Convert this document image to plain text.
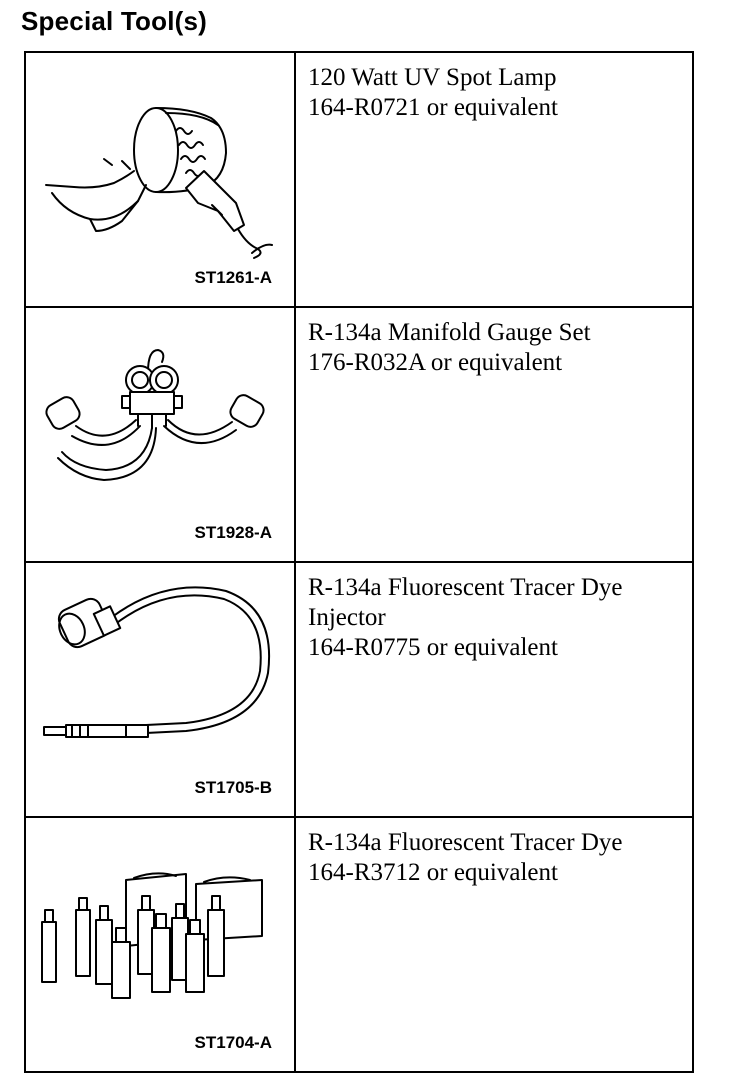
Special Tool(s)
ST1261-A	120 Watt UV Spot Lamp
164-R0721 or equivalent

ST1928-A	R-134a Manifold Gauge Set
176-R032A or equivalent

ST1705-B	R-134a Fluorescent Tracer Dye
Injector
164-R0775 or equivalent

ST1704-A	R-134a Fluorescent Tracer Dye
164-R3712 or equivalent
